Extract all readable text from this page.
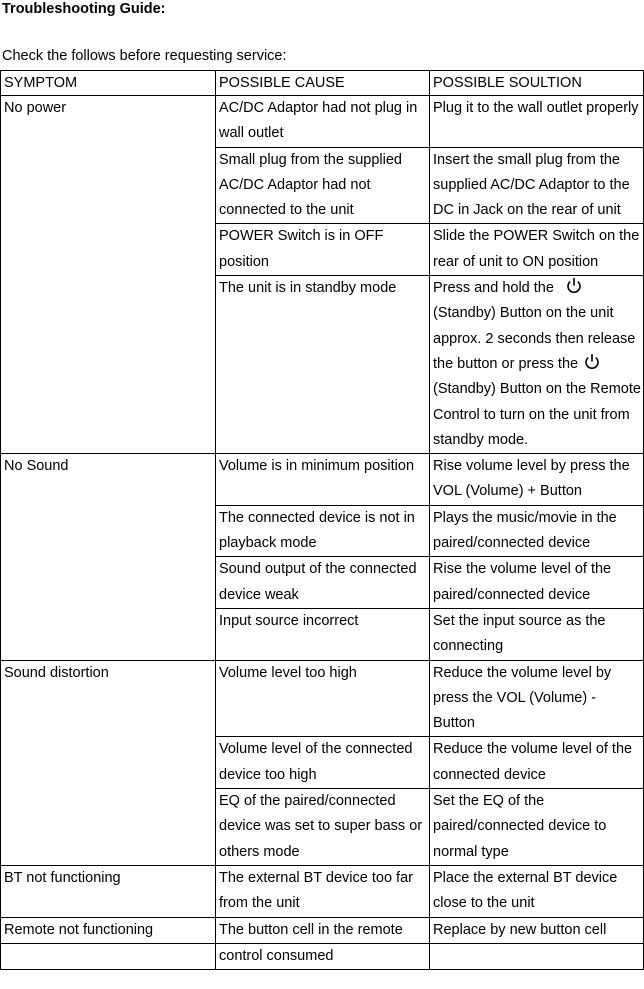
Troubleshooting Guide:
Check the follows before requesting service:
SYMPTOM	POSSIBLE CAUSE	POSSIBLE SOULTION
No power	AC/DC Adaptor had not plug in wall outlet	Plug it to the wall outlet properly
	Small plug from the supplied AC/DC Adaptor had not connected to the unit	Insert the small plug from the supplied AC/DC Adaptor to the DC in Jack on the rear of unit
	POWER Switch is in OFF position	Slide the POWER Switch on the rear of unit to ON position
	The unit is in standby mode	Press and hold the
(Standby) Button on the unit approx. 2 seconds then release the button or press the
(Standby) Button on the Remote Control to turn on the unit from standby mode.
No Sound	Volume is in minimum position	Rise volume level by press the VOL (Volume) + Button
	The connected device is not in playback mode	Plays the music/movie in the paired/connected device
	Sound output of the connected device weak	Rise the volume level of the paired/connected device
	Input source incorrect	Set the input source as the connecting
Sound distortion	Volume level too high	Reduce the volume level by press the VOL (Volume) - Button
	Volume level of the connected device too high	Reduce the volume level of the connected device
	EQ of the paired/connected device was set to super bass or others mode	Set the EQ of the paired/connected device to normal type
BT not functioning	The external BT device too far from the unit	Place the external BT device close to the unit
Remote not functioning	The button cell in the remote	Replace by new button cell
	control consumed	
